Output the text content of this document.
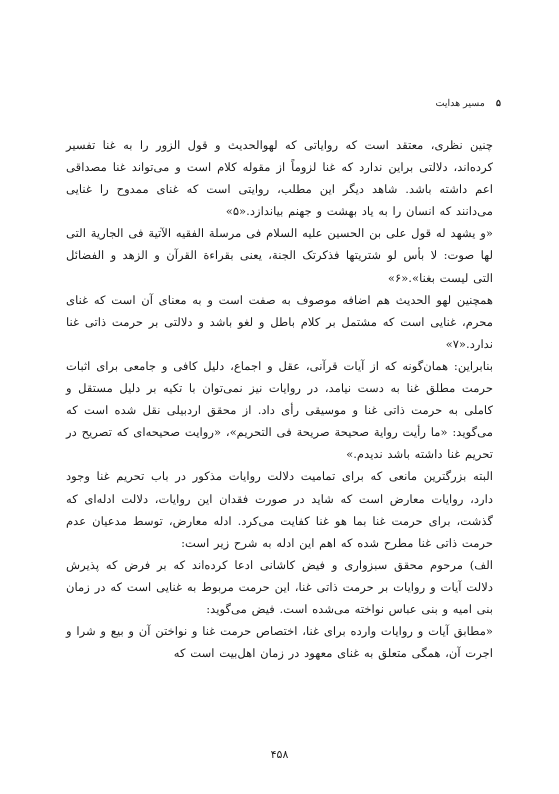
۵ مسیر هدایت

چنین نظری، معتقد است که روایاتی که لهوالحدیث و قول الزور را به غنا تفسیر کرده‌اند، دلالتی براین ندارد که غنا لزوماً از مقوله کلام است و می‌تواند غنا مصداقی اعم داشته باشد. شاهد دیگر این مطلب، روایتی است که غنای ممدوح را غنایی می‌دانند که انسان را به یاد بهشت و جهنم بیاندازد.«۵»

«و یشهد له قول علی بن الحسین علیه السلام فی مرسلة الفقیه الآتیة فی الجاریة التی لها صوت: لا بأس لو شتریتها فذکرتک الجنة، یعنی بقراءة القرآن و الزهد و الفضائل التی لیست بغنا».«۶»

همچنین لهو الحدیث هم اضافه موصوف به صفت است و به معنای آن است که غنای محرم، غنایی است که مشتمل بر کلام باطل و لغو باشد و دلالتی بر حرمت ذاتی غنا ندارد.«۷»

بنابراین: همان‌گونه که از آیات قرآنی، عقل و اجماع، دلیل کافی و جامعی برای اثبات حرمت مطلق غنا به دست نیامد، در روایات نیز نمی‌توان با تکیه بر دلیل مستقل و کاملی به حرمت ذاتی غنا و موسیقی رأی داد. از محقق اردبیلی نقل شده است که می‌گوید: «ما رأیت روایة صحیحة صریحة فی التحریم»، «روایت صحیحه‌ای که تصریح در تحریم غنا داشته باشد ندیدم.»

البته بزرگترین مانعی که برای تمامیت دلالت روایات مذکور در باب تحریم غنا وجود دارد، روایات معارض است که شاید در صورت فقدان این روایات، دلالت ادله‌ای که گذشت، برای حرمت غنا بما هو غنا کفایت می‌کرد. ادله معارض، توسط مدعیان عدم حرمت ذاتی غنا مطرح شده که اهم این ادله به شرح زیر است:

الف) مرحوم محقق سبزواری و فیض کاشانی ادعا کرده‌اند که بر فرض که پذیرش دلالت آیات و روایات بر حرمت ذاتی غنا، این حرمت مربوط به غنایی است که در زمان بنی امیه و بنی عباس نواخته می‌شده است. فیض می‌گوید:

«مطابق آیات و روایات وارده برای غنا، اختصاص حرمت غنا و نواختن آن و بیع و شرا و اجرت آن، همگی متعلق به غنای معهود در زمان اهل‌بیت است که

۴۵۸
